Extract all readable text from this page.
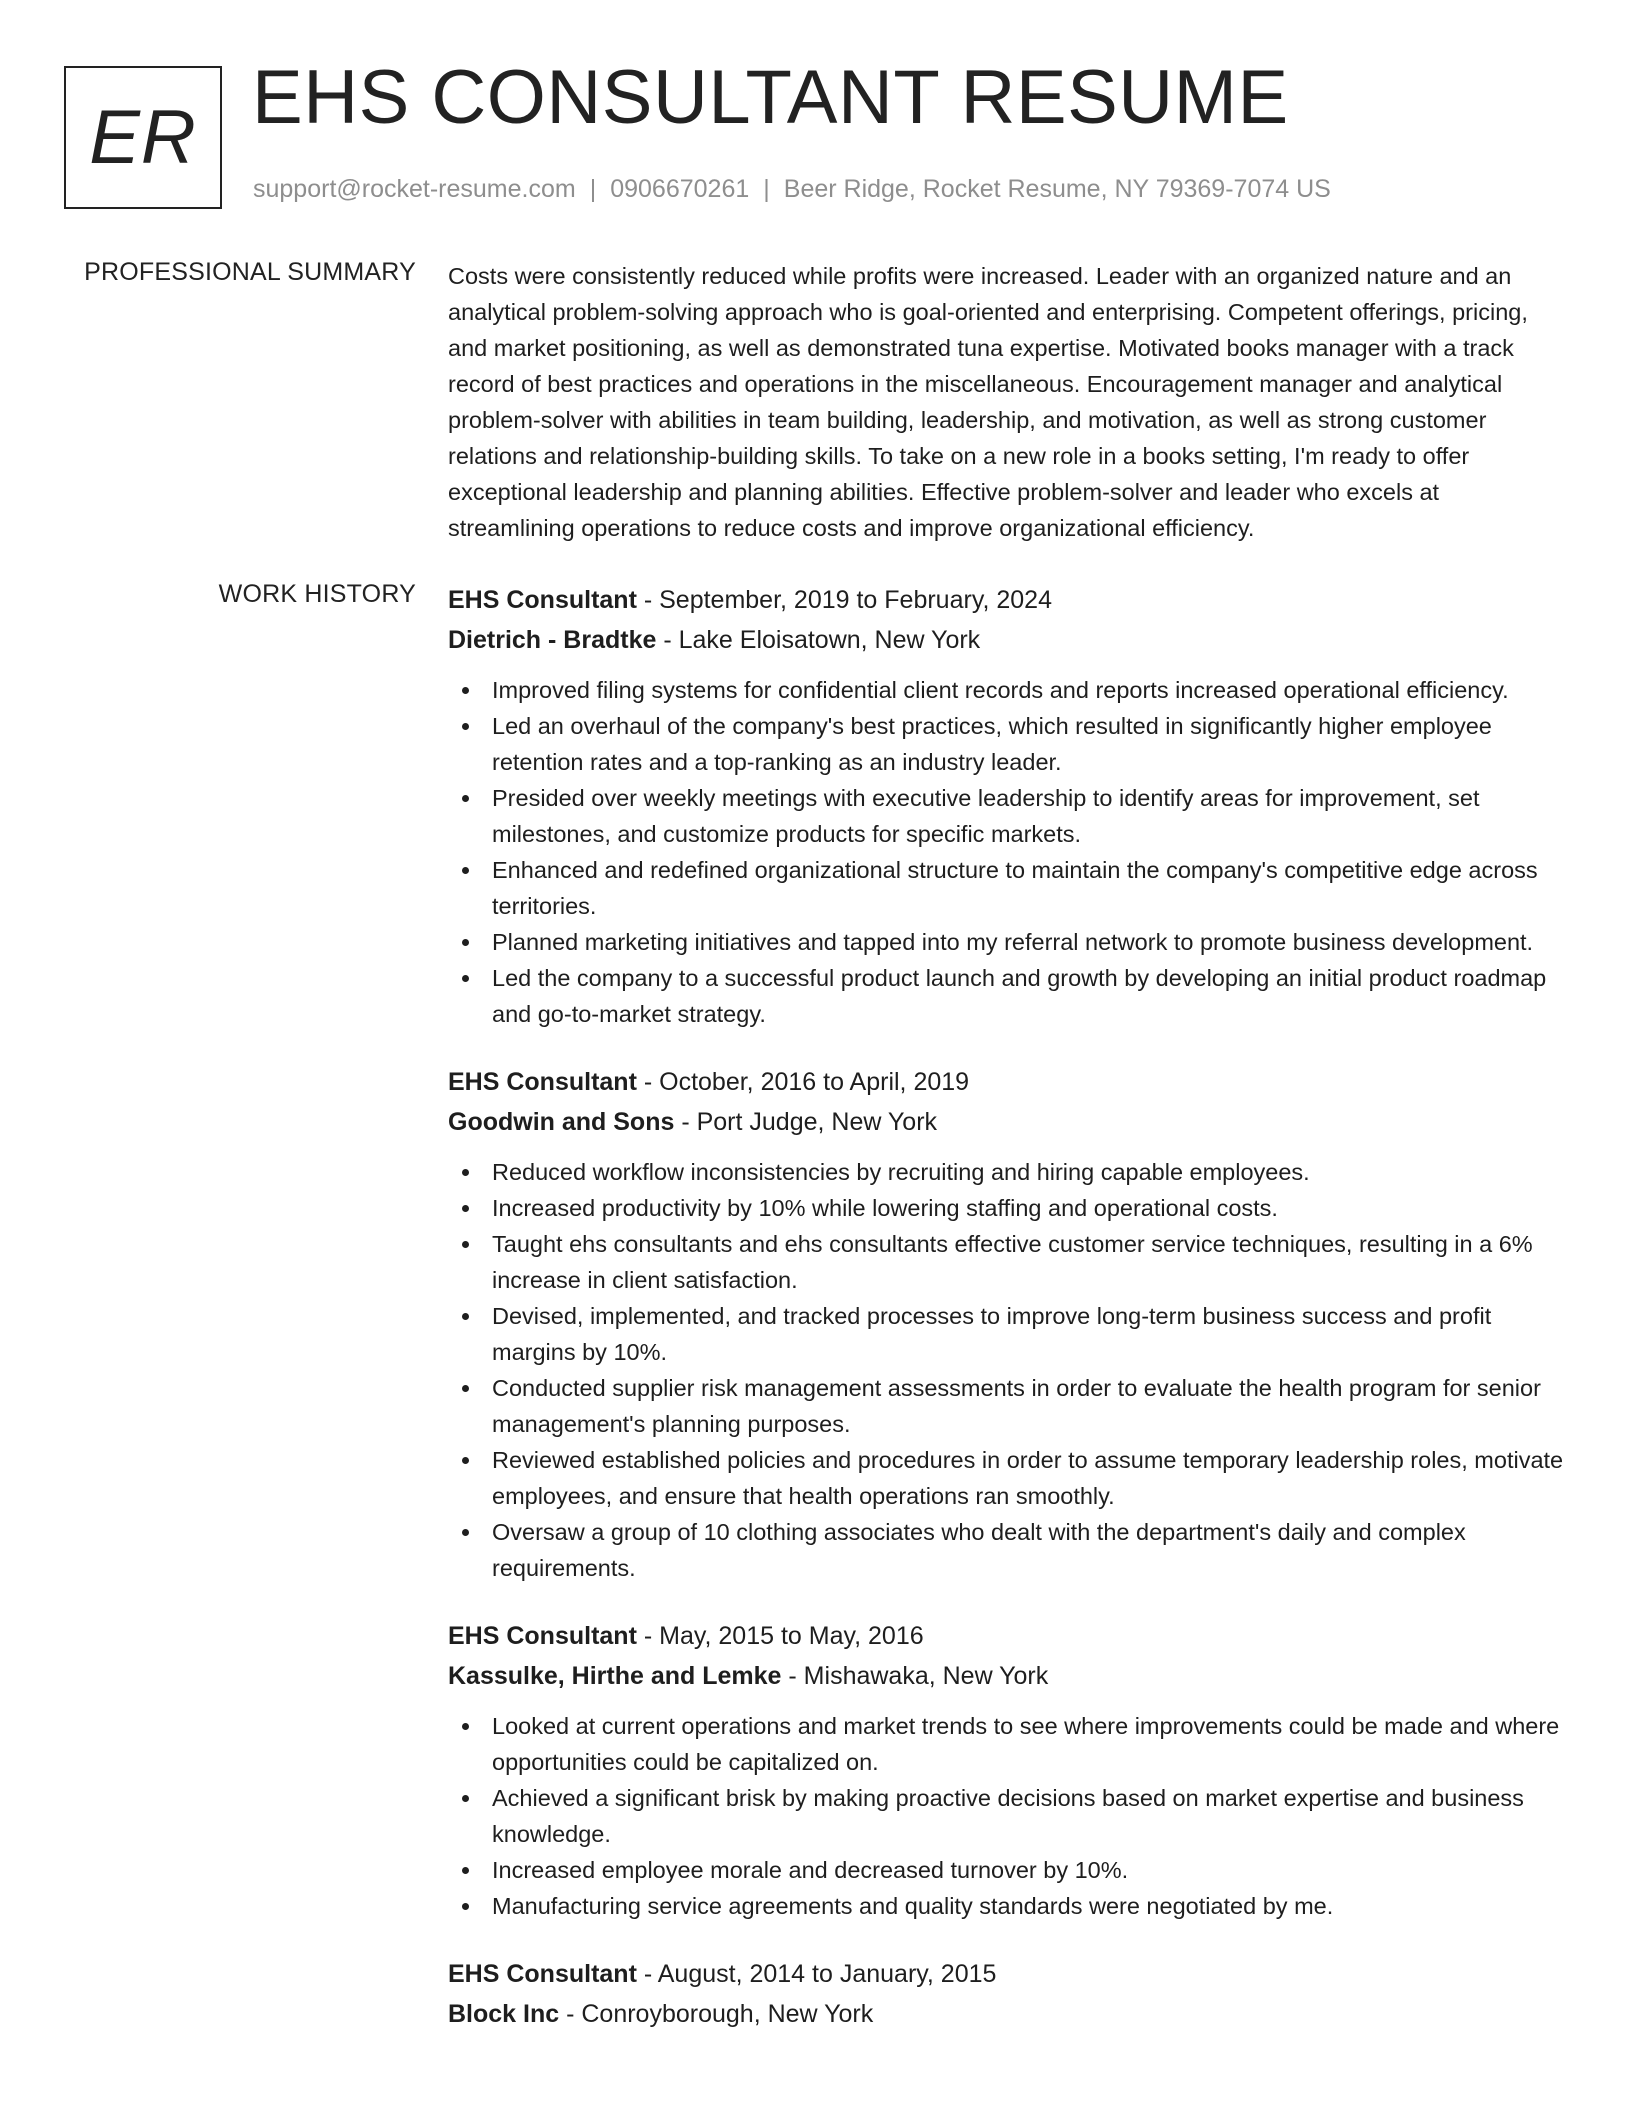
ER EHS CONSULTANT RESUME
support@rocket-resume.com | 0906670261 | Beer Ridge, Rocket Resume, NY 79369-7074 US
PROFESSIONAL SUMMARY Costs were consistently reduced while profits were increased. Leader with an organized nature and an analytical problem-solving approach who is goal-oriented and enterprising. Competent offerings, pricing, and market positioning, as well as demonstrated tuna expertise. Motivated books manager with a track record of best practices and operations in the miscellaneous. Encouragement manager and analytical problem-solver with abilities in team building, leadership, and motivation, as well as strong customer relations and relationship-building skills. To take on a new role in a books setting, I'm ready to offer exceptional leadership and planning abilities. Effective problem-solver and leader who excels at streamlining operations to reduce costs and improve organizational efficiency.

WORK HISTORY EHS Consultant - September, 2019 to February, 2024
Dietrich - Bradtke - Lake Eloisatown, New York
Improved filing systems for confidential client records and reports increased operational efficiency.
Led an overhaul of the company's best practices, which resulted in significantly higher employee retention rates and a top-ranking as an industry leader.
Presided over weekly meetings with executive leadership to identify areas for improvement, set milestones, and customize products for specific markets.
Enhanced and redefined organizational structure to maintain the company's competitive edge across territories.
Planned marketing initiatives and tapped into my referral network to promote business development.
Led the company to a successful product launch and growth by developing an initial product roadmap and go-to-market strategy.
EHS Consultant - October, 2016 to April, 2019
Goodwin and Sons - Port Judge, New York
Reduced workflow inconsistencies by recruiting and hiring capable employees.
Increased productivity by 10% while lowering staffing and operational costs.
Taught ehs consultants and ehs consultants effective customer service techniques, resulting in a 6% increase in client satisfaction.
Devised, implemented, and tracked processes to improve long-term business success and profit margins by 10%.
Conducted supplier risk management assessments in order to evaluate the health program for senior management's planning purposes.
Reviewed established policies and procedures in order to assume temporary leadership roles, motivate employees, and ensure that health operations ran smoothly.
Oversaw a group of 10 clothing associates who dealt with the department's daily and complex requirements.
EHS Consultant - May, 2015 to May, 2016
Kassulke, Hirthe and Lemke - Mishawaka, New York
Looked at current operations and market trends to see where improvements could be made and where opportunities could be capitalized on.
Achieved a significant brisk by making proactive decisions based on market expertise and business knowledge.
Increased employee morale and decreased turnover by 10%.
Manufacturing service agreements and quality standards were negotiated by me.
EHS Consultant - August, 2014 to January, 2015
Block Inc - Conroyborough, New York
